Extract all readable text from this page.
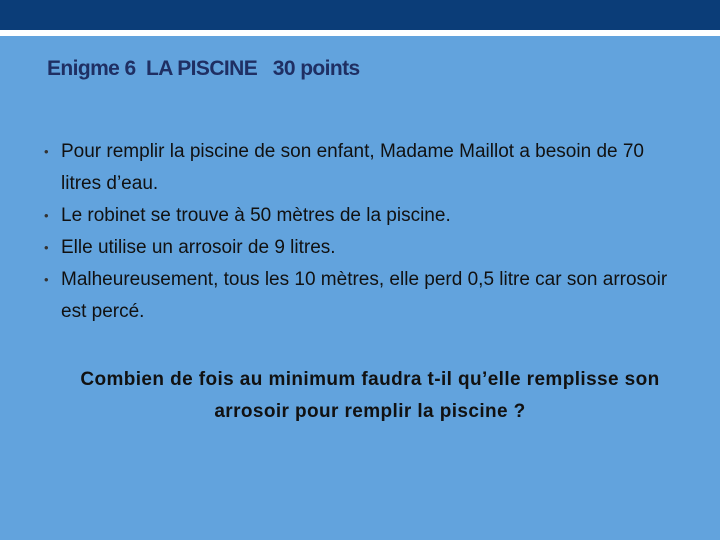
Enigme 6  LA PISCINE   30 points
• Pour remplir la piscine de son enfant, Madame Maillot a besoin de 70 litres d’eau.
• Le robinet se trouve à 50 mètres de la piscine.
• Elle utilise un arrosoir de 9 litres.
• Malheureusement, tous les 10 mètres, elle perd 0,5 litre car son arrosoir est percé.
Combien de fois au minimum faudra t-il qu’elle remplisse son arrosoir pour remplir la piscine ?
